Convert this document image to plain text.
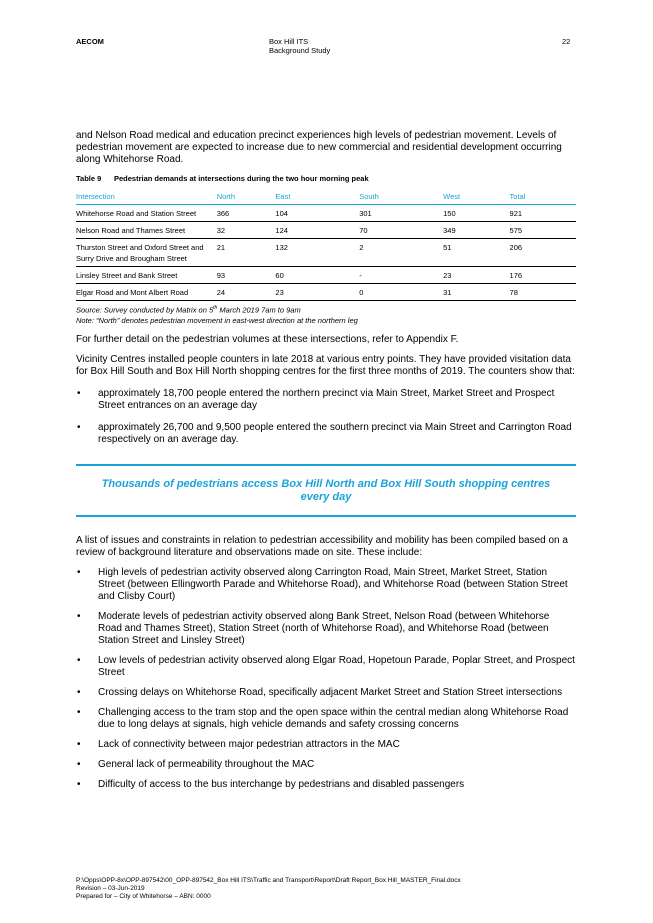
AECOM	Box Hill ITS
Background Study
22

and Nelson Road medical and education precinct experiences high levels of pedestrian movement. Levels of pedestrian movement are expected to increase due to new commercial and residential development occurring along Whitehorse Road.

Table 9	Pedestrian demands at intersections during the two hour morning peak
Intersection	North	East	South	West	Total
Whitehorse Road and Station Street	366	104	301	150	921
Nelson Road and Thames Street	32	124	70	349	575
Thurston Street and Oxford Street and Surry Drive and Brougham Street	21	132	2	51	206
Linsley Street and Bank Street	93	60	-	23	176
Elgar Road and Mont Albert Road	24	23	0	31	78

Source: Survey conducted by Matrix on 5th March 2019 7am to 9am

Note: “North” denotes pedestrian movement in east-west direction at the northern leg

For further detail on the pedestrian volumes at these intersections, refer to Appendix F.

Vicinity Centres installed people counters in late 2018 at various entry points. They have provided visitation data for Box Hill South and Box Hill North shopping centres for the first three months of 2019. The counters show that:

• approximately 18,700 people entered the northern precinct via Main Street, Market Street and Prospect Street entrances on an average day
• approximately 26,700 and 9,500 people entered the southern precinct via Main Street and Carrington Road respectively on an average day.
Thousands of pedestrians access Box Hill North and Box Hill South shopping centres every day

A list of issues and constraints in relation to pedestrian accessibility and mobility has been compiled based on a review of background literature and observations made on site. These include:

• High levels of pedestrian activity observed along Carrington Road, Main Street, Market Street, Station Street (between Ellingworth Parade and Whitehorse Road), and Whitehorse Road (between Station Street and Clisby Court)
• Moderate levels of pedestrian activity observed along Bank Street, Nelson Road (between Whitehorse Road and Thames Street), Station Street (north of Whitehorse Road), and Whitehorse Road (between Station Street and Linsley Street)
• Low levels of pedestrian activity observed along Elgar Road, Hopetoun Parade, Poplar Street, and Prospect Street
• Crossing delays on Whitehorse Road, specifically adjacent Market Street and Station Street intersections
• Challenging access to the tram stop and the open space within the central median along Whitehorse Road due to long delays at signals, high vehicle demands and safety crossing concerns
• Lack of connectivity between major pedestrian attractors in the MAC
• General lack of permeability throughout the MAC
• Difficulty of access to the bus interchange by pedestrians and disabled passengers
P:\Opps\OPP-8x\OPP-897542\00_OPP-897542_Box Hill ITS\Traffic and Transport\Report\Draft Report_Box Hill_MASTER_Final.docx
Revision – 03-Jun-2019
Prepared for – City of Whitehorse – ABN: 0000
